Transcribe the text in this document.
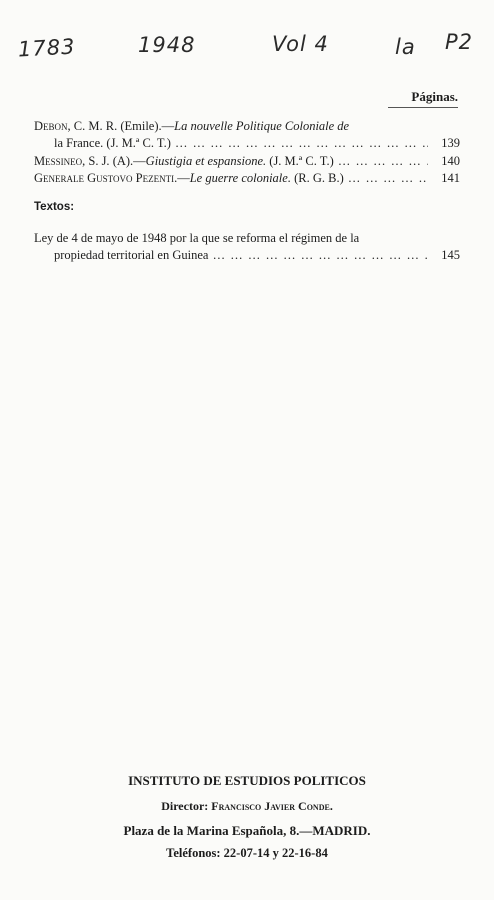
1783	1948	Vol 4	la P2
Páginas.
Debon, C. M. R. (Emile).—La nouvelle Politique Coloniale de
la France. (J. M.ª C. T.) … … … … … … … … … … … … … … … … … … … … …	139
Messineo, S. J. (A).—Giustigia et espansione. (J. M.ª C. T.) … … … … … … … … … … … … … … … … … … … … …	140
Generale Gustovo Pezenti.—Le guerre coloniale. (R. G. B.) … … … … … … … … … … … … … … … … … … … … …	141
Textos:
Ley de 4 de mayo de 1948 por la que se reforma el régimen de la
propiedad territorial en Guinea … … … … … … … … … … … … … … … … … … … … …	145
INSTITUTO DE ESTUDIOS POLITICOS
Director: Francisco Javier Conde.
Plaza de la Marina Española, 8.—MADRID.
Teléfonos: 22-07-14 y 22-16-84
